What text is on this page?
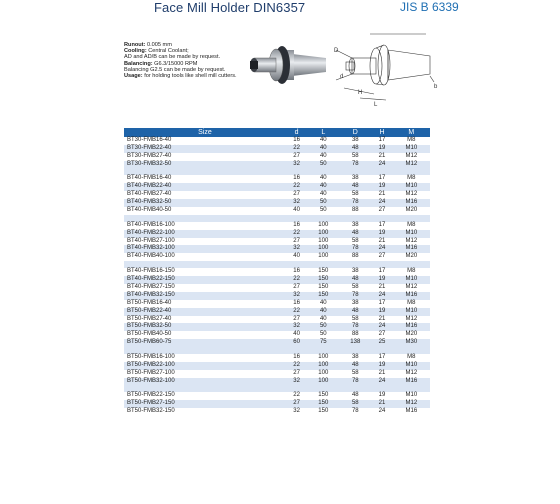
Face Mill Holder DIN6357	JIS B 6339
Runout: 0.005 mm
Cooling: Central Coolant;
AD and AD/B can be made by request.
Balancing: G6.3/15000 RPM
Balancing G2.5 can be made by request.
Usage: for holding tools like shell mill cutters.
D
d
H
L
b
Size	d	L	D	H	M
BT30-FMB16-40	16	40	38	17	M8
BT30-FMB22-40	22	40	48	19	M10
BT30-FMB27-40	27	40	58	21	M12
BT30-FMB32-50	32	50	78	24	M12

BT40-FMB16-40	16	40	38	17	M8
BT40-FMB22-40	22	40	48	19	M10
BT40-FMB27-40	27	40	58	21	M12
BT40-FMB32-50	32	50	78	24	M16
BT40-FMB40-50	40	50	88	27	M20

BT40-FMB16-100	16	100	38	17	M8
BT40-FMB22-100	22	100	48	19	M10
BT40-FMB27-100	27	100	58	21	M12
BT40-FMB32-100	32	100	78	24	M16
BT40-FMB40-100	40	100	88	27	M20

BT40-FMB16-150	16	150	38	17	M8
BT40-FMB22-150	22	150	48	19	M10
BT40-FMB27-150	27	150	58	21	M12
BT40-FMB32-150	32	150	78	24	M16
BT50-FMB16-40	16	40	38	17	M8
BT50-FMB22-40	22	40	48	19	M10
BT50-FMB27-40	27	40	58	21	M12
BT50-FMB32-50	32	50	78	24	M16
BT50-FMB40-50	40	50	88	27	M20
BT50-FMB60-75	60	75	138	25	M30

BT50-FMB16-100	16	100	38	17	M8
BT50-FMB22-100	22	100	48	19	M10
BT50-FMB27-100	27	100	58	21	M12
BT50-FMB32-100	32	100	78	24	M16

BT50-FMB22-150	22	150	48	19	M10
BT50-FMB27-150	27	150	58	21	M12
BT50-FMB32-150	32	150	78	24	M16
